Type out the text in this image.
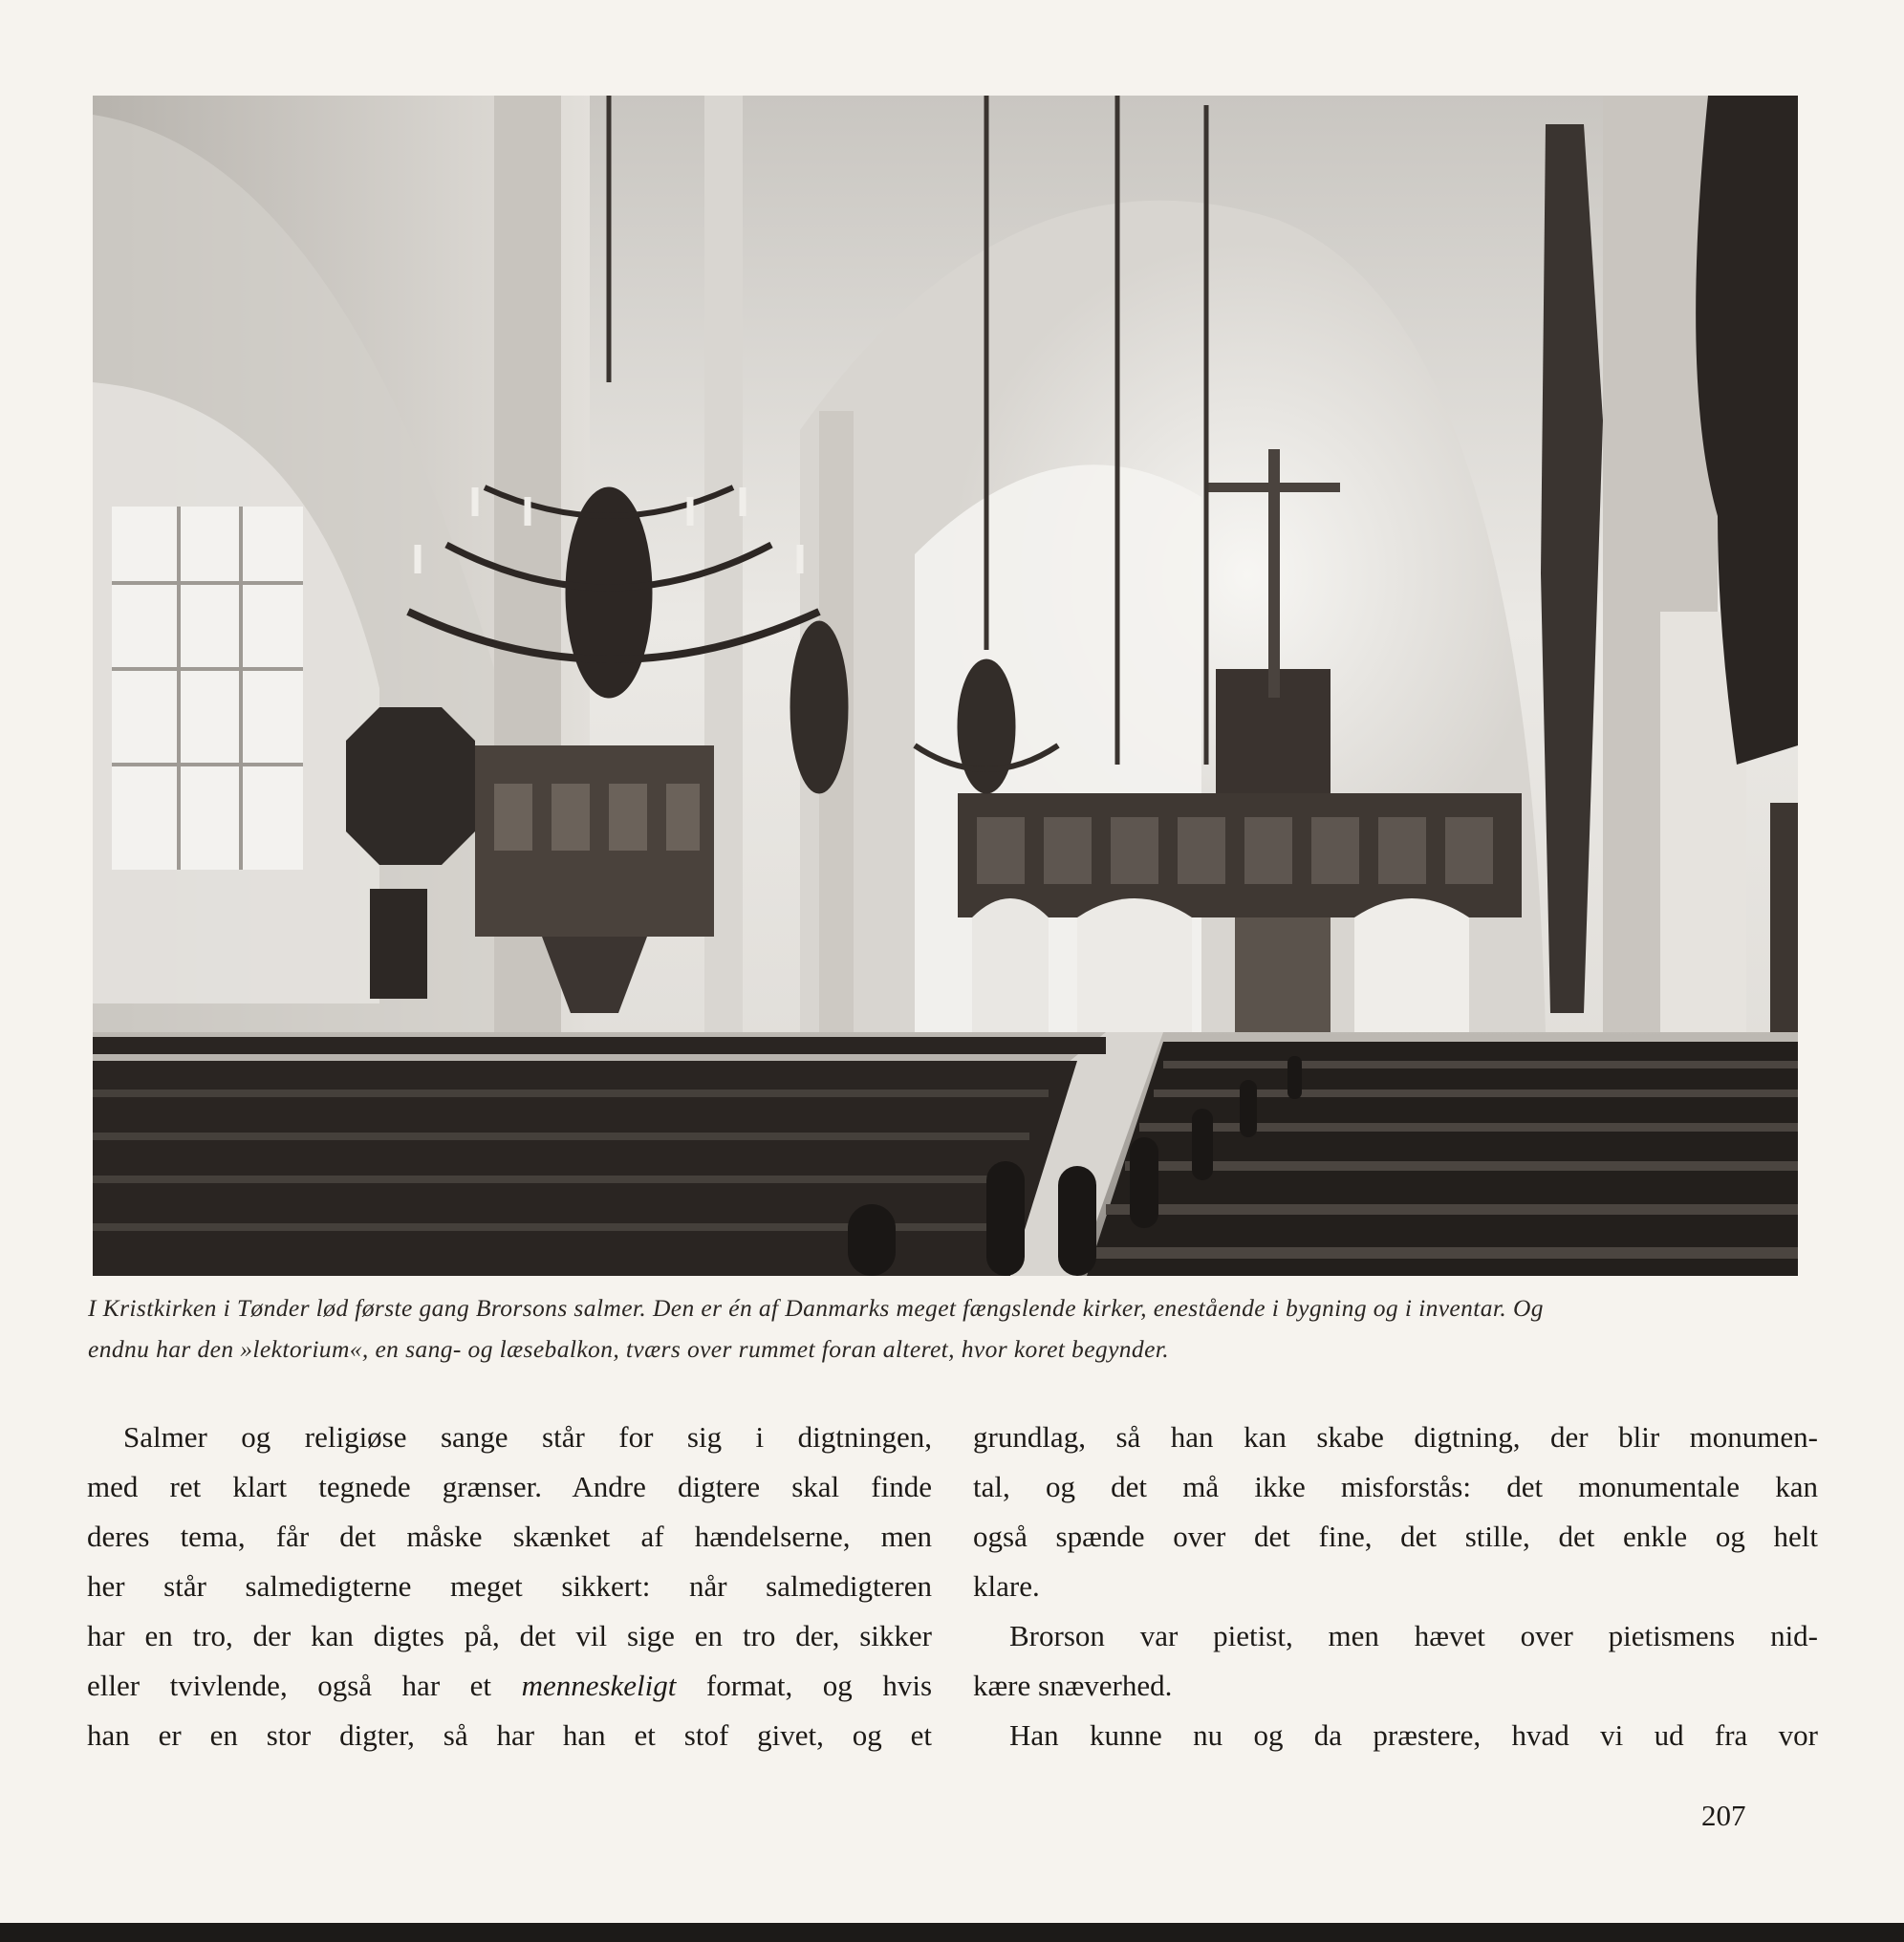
I Kristkirken i Tønder lød første gang Brorsons salmer. Den er én af Danmarks meget fængslende kirker, enestående i bygning og i inventar. Og
endnu har den »lektorium«, en sang- og læsebalkon, tværs over rummet foran alteret, hvor koret begynder.
Salmer og religiøse sange står for sig i digtningen,
med ret klart tegnede grænser. Andre digtere skal finde
deres tema, får det måske skænket af hændelserne, men
her står salmedigterne meget sikkert: når salmedigteren
har en tro, der kan digtes på, det vil sige en tro der, sikker
eller tvivlende, også har et menneskeligt format, og hvis
han er en stor digter, så har han et stof givet, og et
grundlag, så han kan skabe digtning, der blir monumen-
tal, og det må ikke misforstås: det monumentale kan
også spænde over det fine, det stille, det enkle og helt
klare.
Brorson var pietist, men hævet over pietismens nid-
kære snæverhed.
Han kunne nu og da præstere, hvad vi ud fra vor
207
